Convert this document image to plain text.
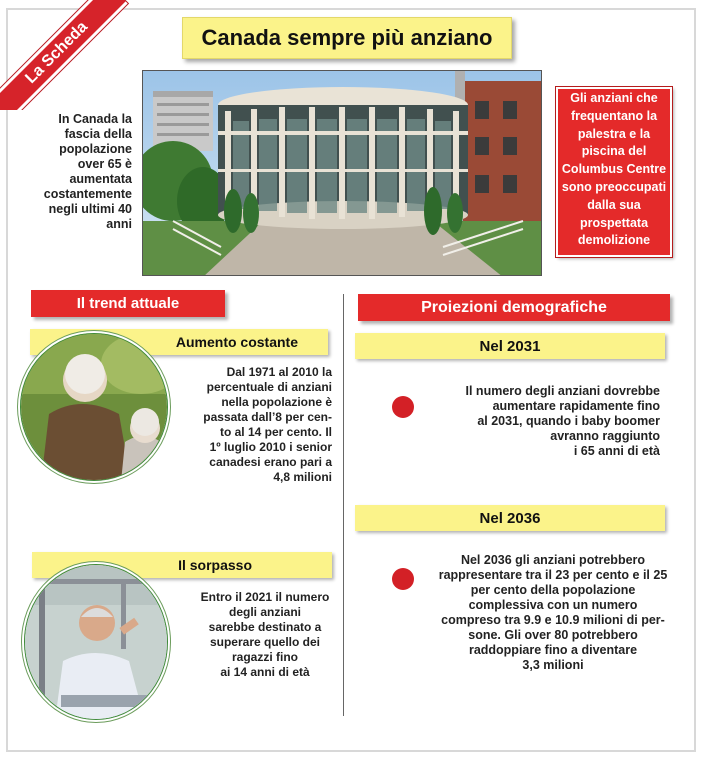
La Scheda	Canada sempre più anziano
In Canada la fascia della popolazione over 65 è aumentata costantemente negli ultimi 40 anni
Gli anziani che frequentano la palestra e la piscina del Columbus Centre sono preoccupati dalla sua prospettata demolizione
Il trend attuale
Aumento costante
Dal 1971 al 2010 la
percentuale di anziani
nella popolazione è
passata dall’8 per cen-
to al 14 per cento. Il
1º luglio 2010 i senior
canadesi erano pari a
4,8 milioni
Il sorpasso
Entro il 2021 il numero
degli anziani
sarebbe destinato a
superare quello dei
ragazzi fino
ai 14 anni di età
Proiezioni demografiche
Nel 2031
Il numero degli anziani dovrebbe
aumentare rapidamente fino
al 2031, quando i baby boomer
avranno raggiunto
i 65 anni di età
Nel 2036
Nel 2036 gli anziani potrebbero
rappresentare tra il 23 per cento e il 25
per cento della popolazione
complessiva con un numero
compreso tra 9.9 e 10.9 milioni di per-
sone. Gli over 80 potrebbero
raddoppiare fino a diventare
3,3 milioni
